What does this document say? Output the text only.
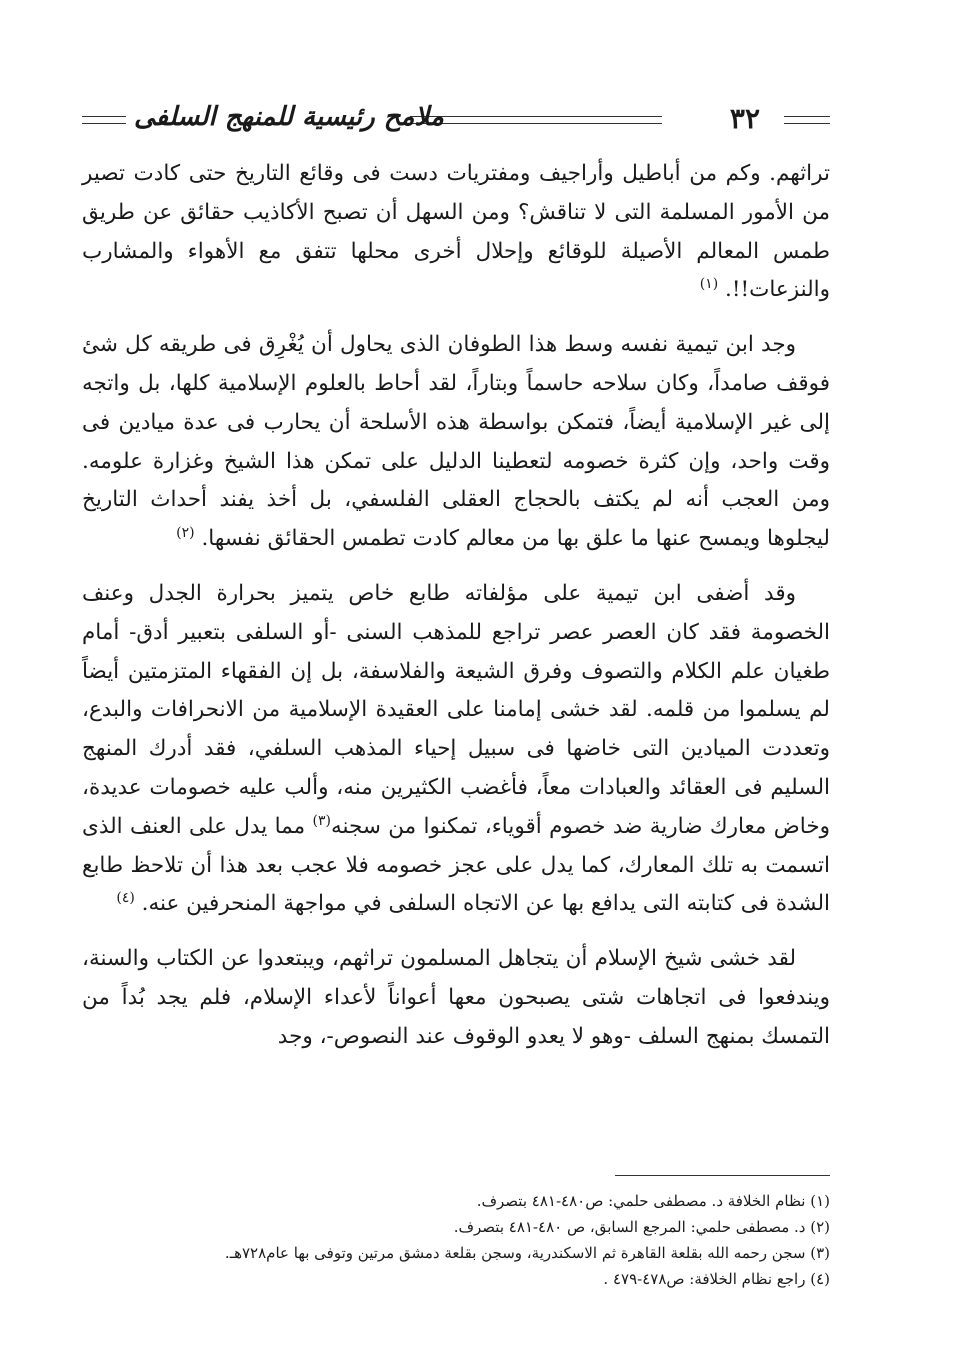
٣٢
ملامح رئيسية للمنهج السلفى

تراثهم. وكم من أباطيل وأراجيف ومفتريات دست فى وقائع التاريخ حتى كادت تصير من الأمور المسلمة التى لا تناقش؟ ومن السهل أن تصبح الأكاذيب حقائق عن طريق طمس المعالم الأصيلة للوقائع وإحلال أخرى محلها تتفق مع الأهواء والمشارب والنزعات!!. $^{(١)}$

وجد ابن تيمية نفسه وسط هذا الطوفان الذى يحاول أن يُغْرِق فى طريقه كل شئ فوقف صامداً، وكان سلاحه حاسماً وبتاراً، لقد أحاط بالعلوم الإسلامية كلها، بل واتجه إلى غير الإسلامية أيضاً، فتمكن بواسطة هذه الأسلحة أن يحارب فى عدة ميادين فى وقت واحد، وإن كثرة خصومه لتعطينا الدليل على تمكن هذا الشيخ وغزارة علومه. ومن العجب أنه لم يكتف بالحجاج العقلى الفلسفي، بل أخذ يفند أحداث التاريخ ليجلوها ويمسح عنها ما علق بها من معالم كادت تطمس الحقائق نفسها. $^{(٢)}$

وقد أضفى ابن تيمية على مؤلفاته طابع خاص يتميز بحرارة الجدل وعنف الخصومة فقد كان العصر عصر تراجع للمذهب السنى -أو السلفى بتعبير أدق- أمام طغيان علم الكلام والتصوف وفرق الشيعة والفلاسفة، بل إن الفقهاء المتزمتين أيضاً لم يسلموا من قلمه. لقد خشى إمامنا على العقيدة الإسلامية من الانحرافات والبدع، وتعددت الميادين التى خاضها فى سبيل إحياء المذهب السلفي، فقد أدرك المنهج السليم فى العقائد والعبادات معاً، فأغضب الكثيرين منه، وألب عليه خصومات عديدة، وخاض معارك ضارية ضد خصوم أقوياء، تمكنوا من سجنه$^{(٣)}$ مما يدل على العنف الذى اتسمت به تلك المعارك، كما يدل على عجز خصومه فلا عجب بعد هذا أن تلاحظ طابع الشدة فى كتابته التى يدافع بها عن الاتجاه السلفى في مواجهة المنحرفين عنه. $^{(٤)}$

لقد خشى شيخ الإسلام أن يتجاهل المسلمون تراثهم، ويبتعدوا عن الكتاب والسنة، ويندفعوا فى اتجاهات شتى يصبحون معها أعواناً لأعداء الإسلام، فلم يجد بُداً من التمسك بمنهج السلف -وهو لا يعدو الوقوف عند النصوص-، وجد

(١) نظام الخلافة د. مصطفى حلمي: ص٤٨٠-٤٨١ بتصرف.

(٢) د. مصطفى حلمي: المرجع السابق، ص ٤٨٠-٤٨١ بتصرف.

(٣) سجن رحمه الله بقلعة القاهرة ثم الاسكندرية، وسجن بقلعة دمشق مرتين وتوفى بها عام٧٢٨هـ.

(٤) راجع نظام الخلافة: ص٤٧٨-٤٧٩ .
